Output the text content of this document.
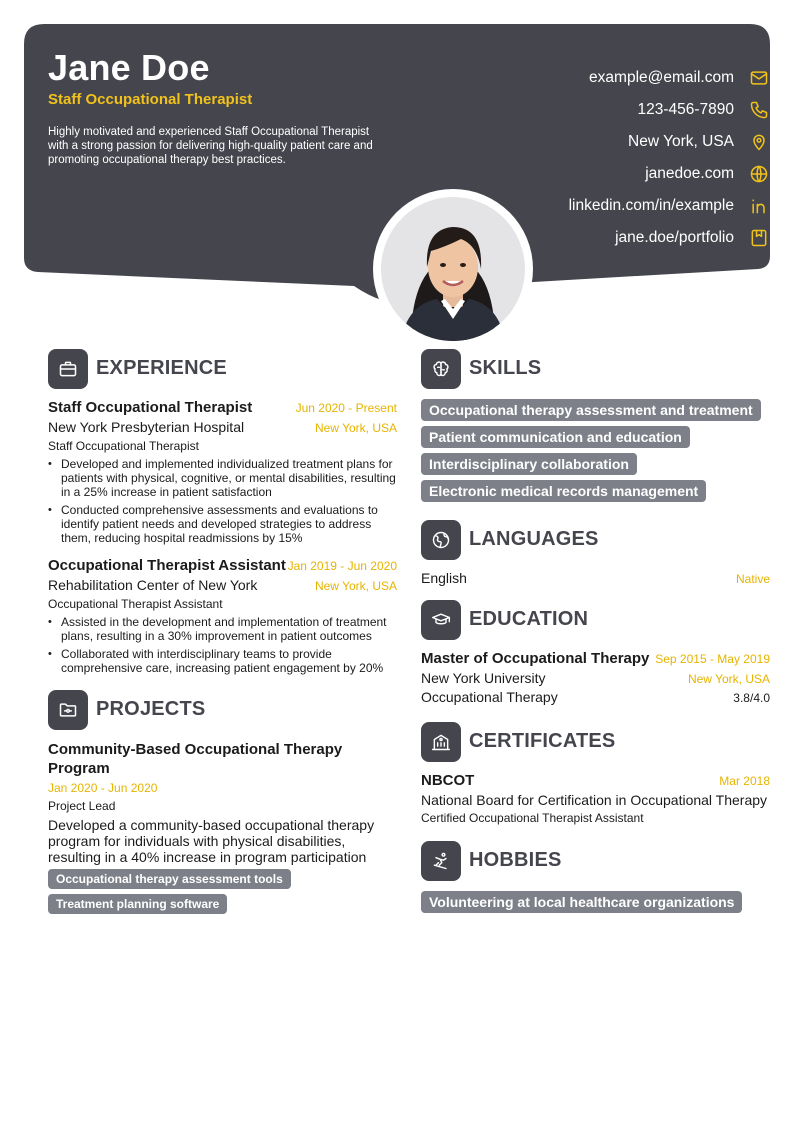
Jane Doe
Staff Occupational Therapist
Highly motivated and experienced Staff Occupational Therapist with a strong passion for delivering high-quality patient care and promoting occupational therapy best practices.
example@email.com
123-456-7890
New York, USA
janedoe.com
linkedin.com/in/example
jane.doe/portfolio
EXPERIENCE
Staff Occupational Therapist	Jun 2020 - Present
New York Presbyterian Hospital	New York, USA
Staff Occupational Therapist
• Developed and implemented individualized treatment plans for patients with physical, cognitive, or mental disabilities, resulting in a 25% increase in patient satisfaction
• Conducted comprehensive assessments and evaluations to identify patient needs and developed strategies to address them, reducing hospital readmissions by 15%
Occupational Therapist Assistant Jan 2019 - Jun 2020
Rehabilitation Center of New York	New York, USA
Occupational Therapist Assistant
• Assisted in the development and implementation of treatment plans, resulting in a 30% improvement in patient outcomes
• Collaborated with interdisciplinary teams to provide comprehensive care, increasing patient engagement by 20%
PROJECTS
Community-Based Occupational Therapy Program
Jan 2020 - Jun 2020
Project Lead
Developed a community-based occupational therapy program for individuals with physical disabilities, resulting in a 40% increase in program participation
Occupational therapy assessment tools
Treatment planning software
SKILLS
Occupational therapy assessment and treatment
Patient communication and education
Interdisciplinary collaboration
Electronic medical records management
LANGUAGES
English	Native
EDUCATION
Master of Occupational Therapy Sep 2015 - May 2019
New York University	New York, USA
Occupational Therapy	3.8/4.0
CERTIFICATES
NBCOT	Mar 2018
National Board for Certification in Occupational Therapy
Certified Occupational Therapist Assistant
HOBBIES
Volunteering at local healthcare organizations
